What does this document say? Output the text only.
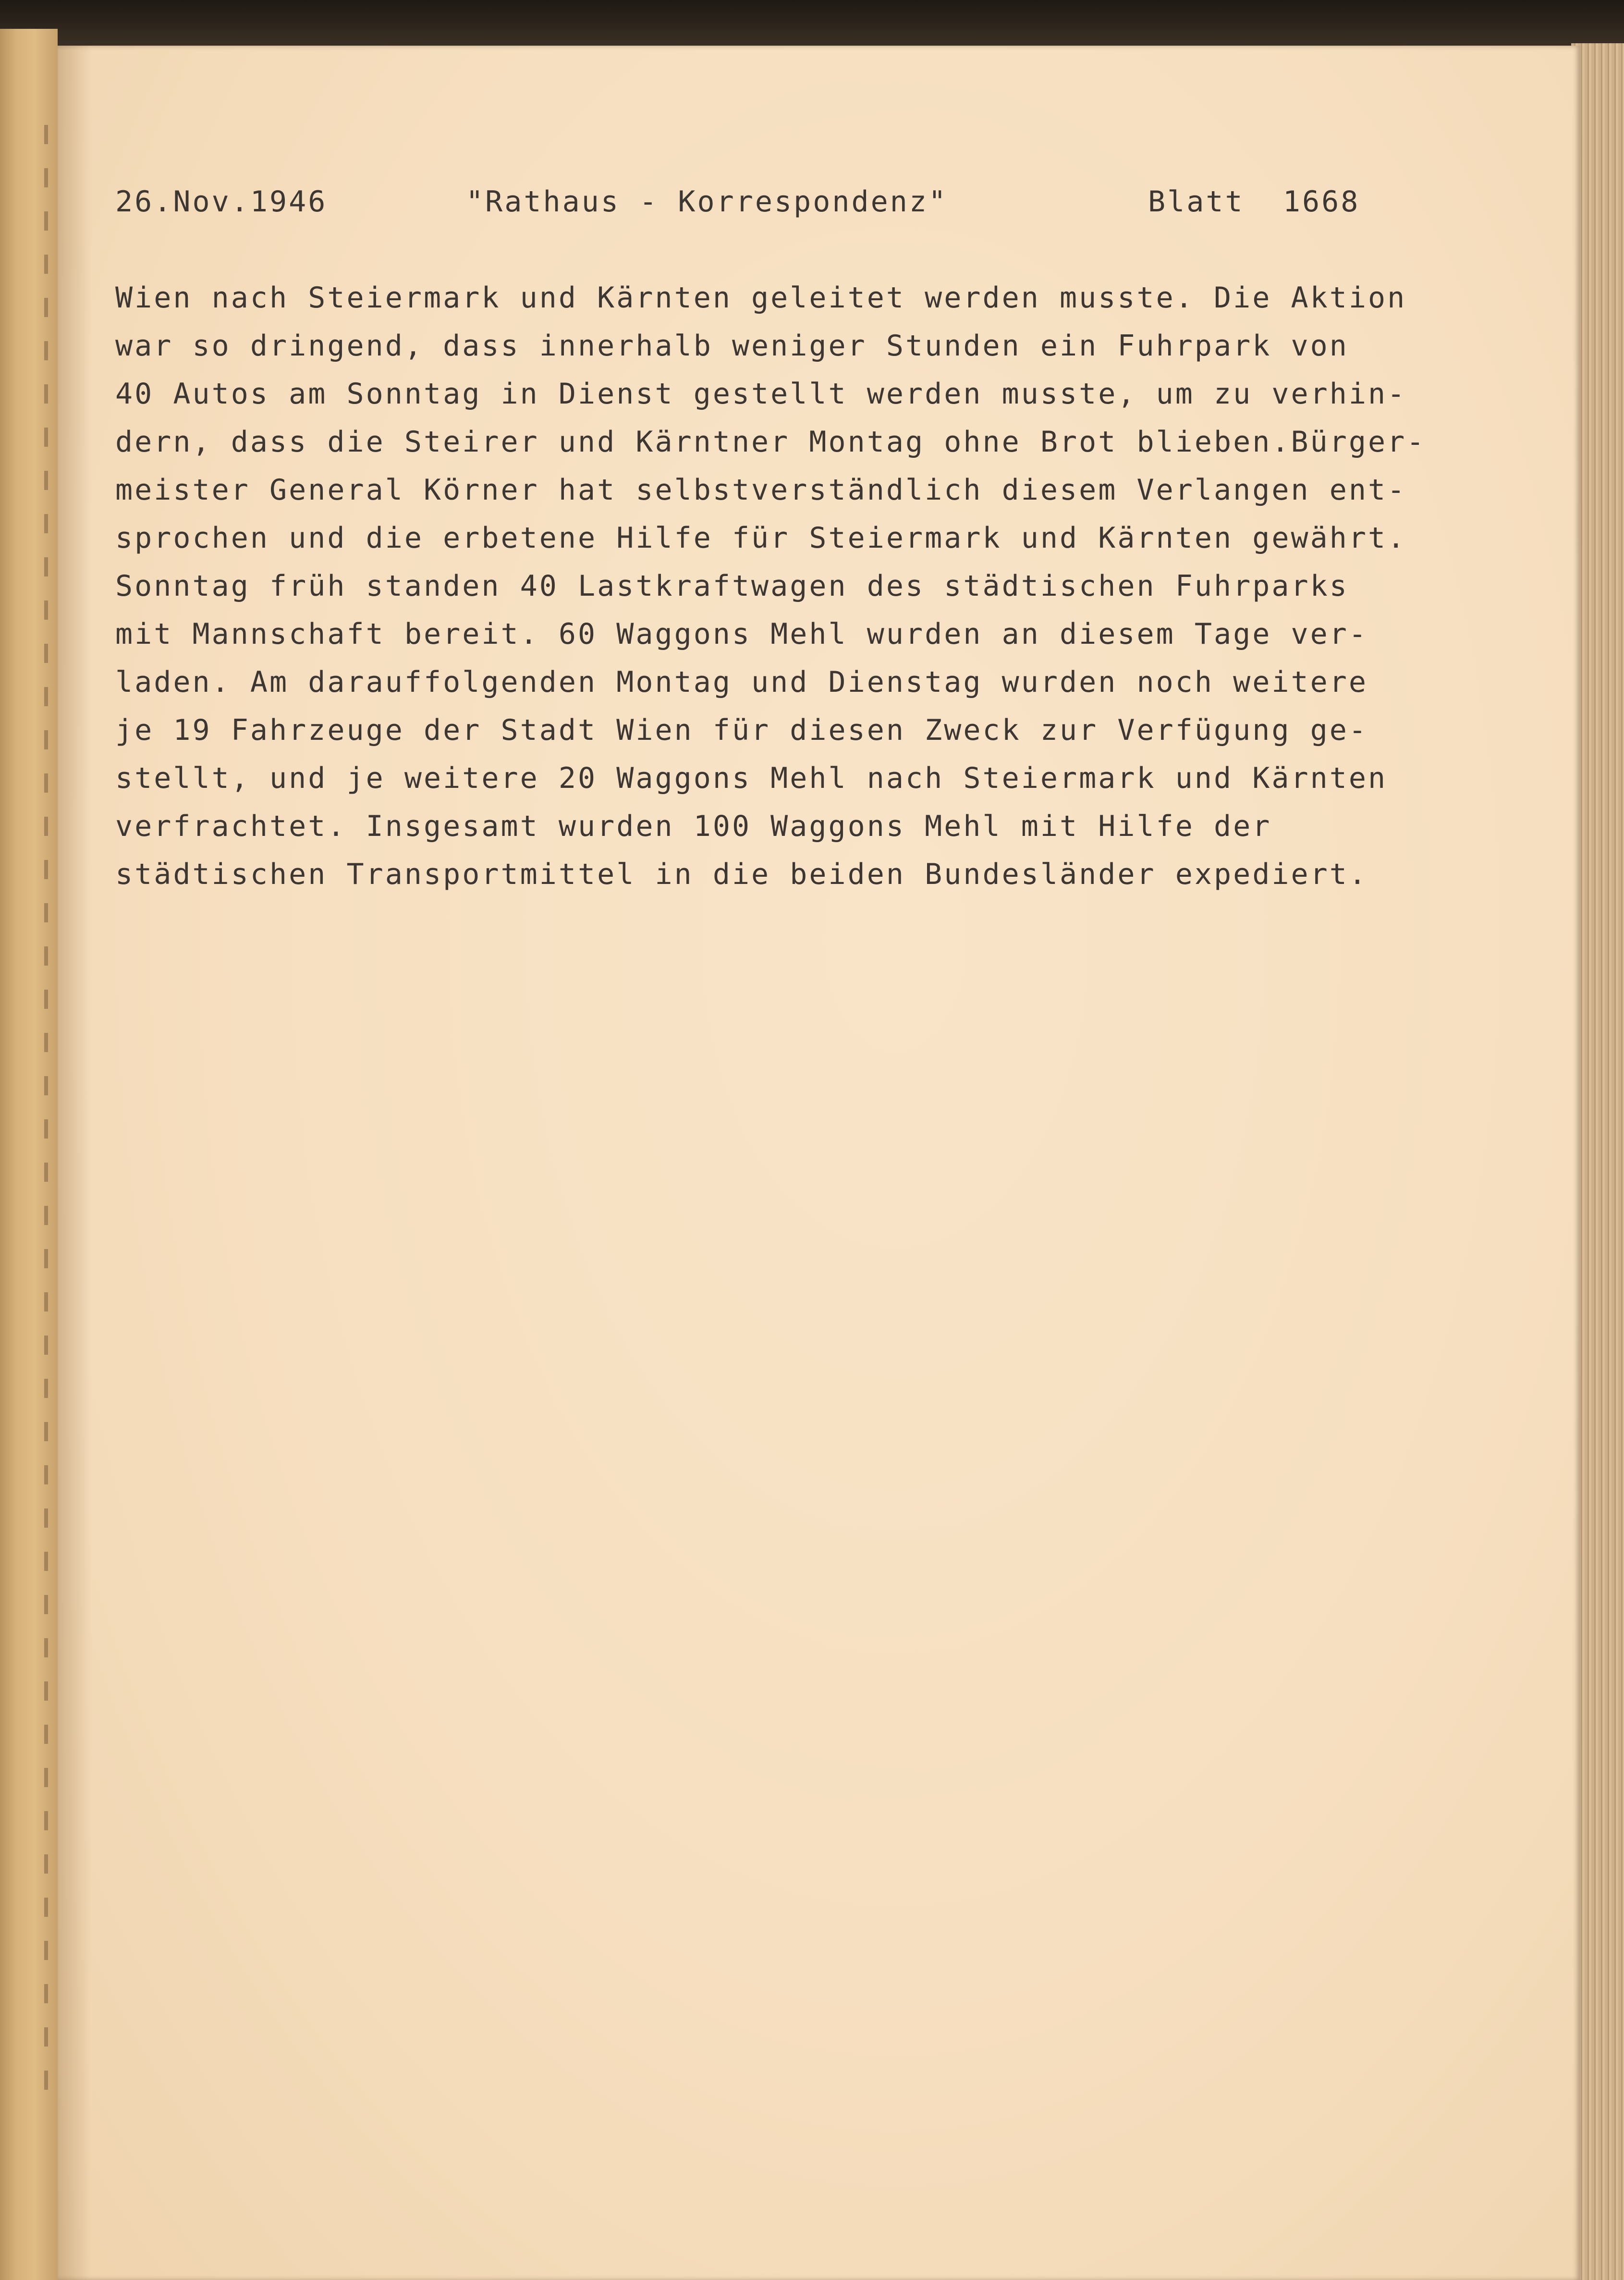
26.Nov.1946	"Rathaus - Korrespondenz"	Blatt  1668
Wien nach Steiermark und Kärnten geleitet werden musste. Die Aktion
war so dringend, dass innerhalb weniger Stunden ein Fuhrpark von
40 Autos am Sonntag in Dienst gestellt werden musste, um zu verhin-
dern, dass die Steirer und Kärntner Montag ohne Brot blieben.Bürger-
meister General Körner hat selbstverständlich diesem Verlangen ent-
sprochen und die erbetene Hilfe für Steiermark und Kärnten gewährt.
Sonntag früh standen 40 Lastkraftwagen des städtischen Fuhrparks
mit Mannschaft bereit. 60 Waggons Mehl wurden an diesem Tage ver-
laden. Am darauffolgenden Montag und Dienstag wurden noch weitere
je 19 Fahrzeuge der Stadt Wien für diesen Zweck zur Verfügung ge-
stellt, und je weitere 20 Waggons Mehl nach Steiermark und Kärnten
verfrachtet. Insgesamt wurden 100 Waggons Mehl mit Hilfe der
städtischen Transportmittel in die beiden Bundesländer expediert.
